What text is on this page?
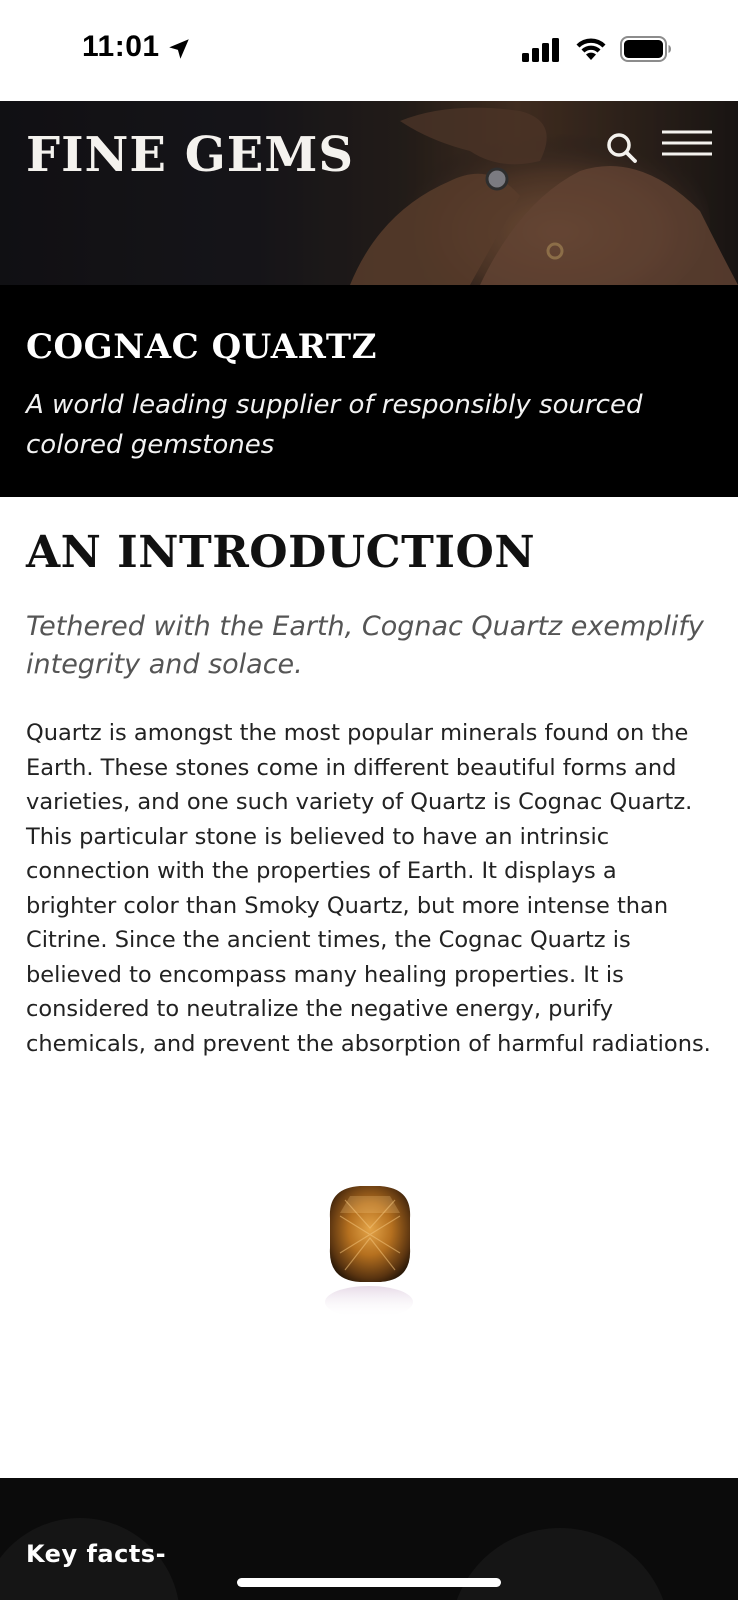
11:01
FINE GEMS
COGNAC QUARTZ

A world leading supplier of responsibly sourced colored gemstones

AN INTRODUCTION

Tethered with the Earth, Cognac Quartz exemplify integrity and solace.

Quartz is amongst the most popular minerals found on the Earth. These stones come in different beautiful forms and varieties, and one such variety of Quartz is Cognac Quartz. This particular stone is believed to have an intrinsic connection with the properties of Earth. It displays a brighter color than Smoky Quartz, but more intense than Citrine. Since the ancient times, the Cognac Quartz is believed to encompass many healing properties. It is considered to neutralize the negative energy, purify chemicals, and prevent the absorption of harmful radiations.

Key facts-
